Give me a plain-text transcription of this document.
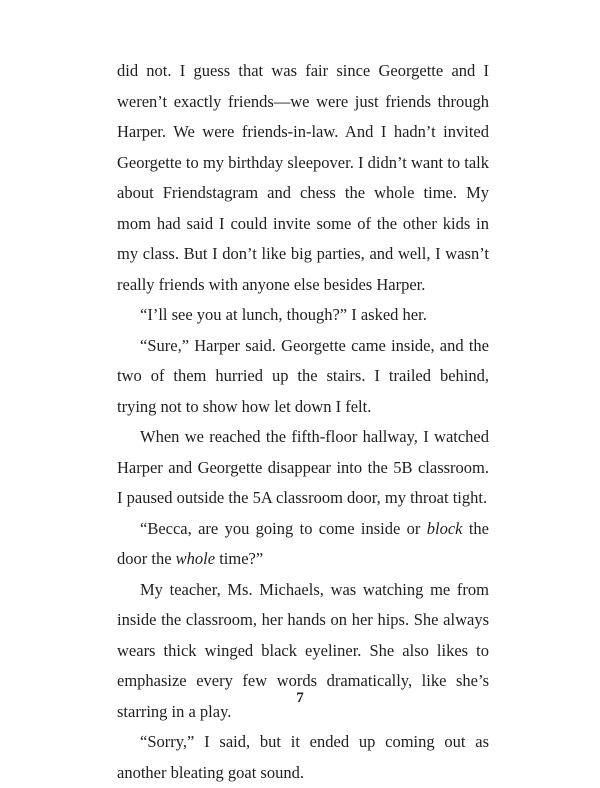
did not. I guess that was fair since Georgette and I weren’t exactly friends—we were just friends through Harper. We were friends-in-law. And I hadn’t invited Georgette to my birthday sleepover. I didn’t want to talk about Friendstagram and chess the whole time. My mom had said I could invite some of the other kids in my class. But I don’t like big parties, and well, I wasn’t really friends with anyone else besides Harper.

“I’ll see you at lunch, though?” I asked her.

“Sure,” Harper said. Georgette came inside, and the two of them hurried up the stairs. I trailed behind, trying not to show how let down I felt.

When we reached the fifth-floor hallway, I watched Harper and Georgette disappear into the 5B classroom. I paused outside the 5A classroom door, my throat tight.

“Becca, are you going to come inside or block the door the whole time?”

My teacher, Ms. Michaels, was watching me from inside the classroom, her hands on her hips. She always wears thick winged black eyeliner. She also likes to emphasize every few words dramatically, like she’s starring in a play.

“Sorry,” I said, but it ended up coming out as another bleating goat sound.

7
